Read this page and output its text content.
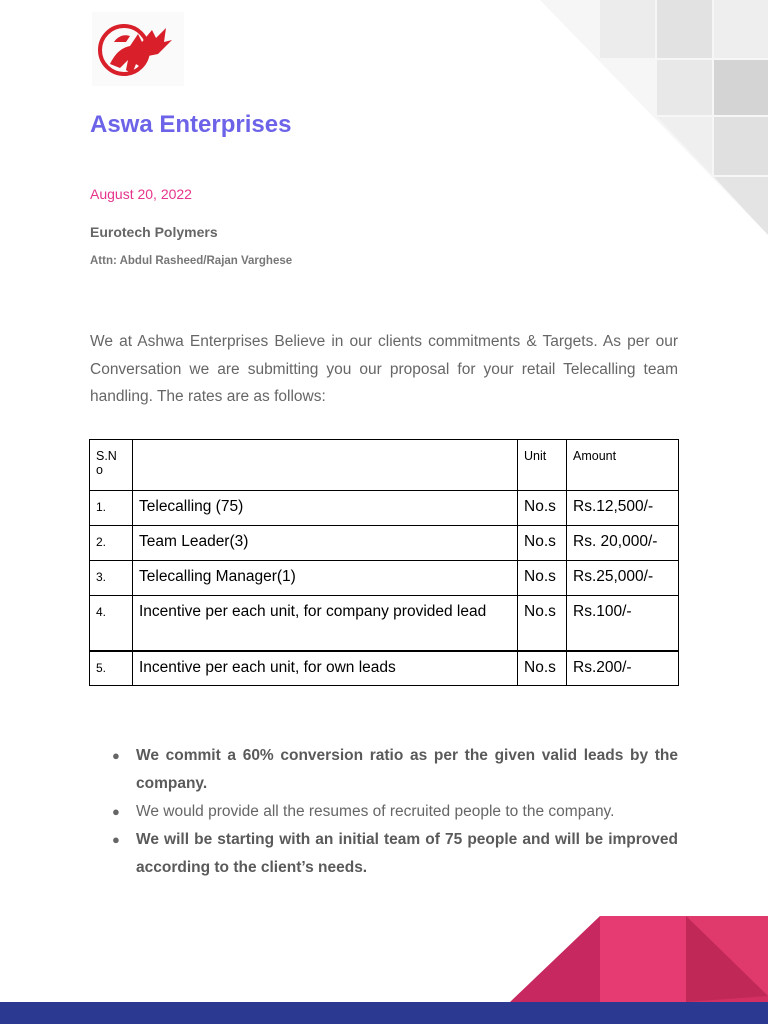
Aswa Enterprises
August 20, 2022
Eurotech Polymers
Attn: Abdul Rasheed/Rajan Varghese

We at Ashwa Enterprises Believe in our clients commitments & Targets. As per our Conversation we are submitting you our proposal for your retail Telecalling team handling. The rates are as follows:

S.N o		Unit	Amount
1.	Telecalling (75)	No.s	Rs.12,500/-
2.	Team Leader(3)	No.s	Rs. 20,000/-
3.	Telecalling Manager(1)	No.s	Rs.25,000/-
4.	Incentive per each unit, for company provided lead	No.s	Rs.100/-
5.	Incentive per each unit, for own leads	No.s	Rs.200/-
● We commit a 60% conversion ratio as per the given valid leads by the company.
● We would provide all the resumes of recruited people to the company.
● We will be starting with an initial team of 75 people and will be improved according to the client’s needs.
